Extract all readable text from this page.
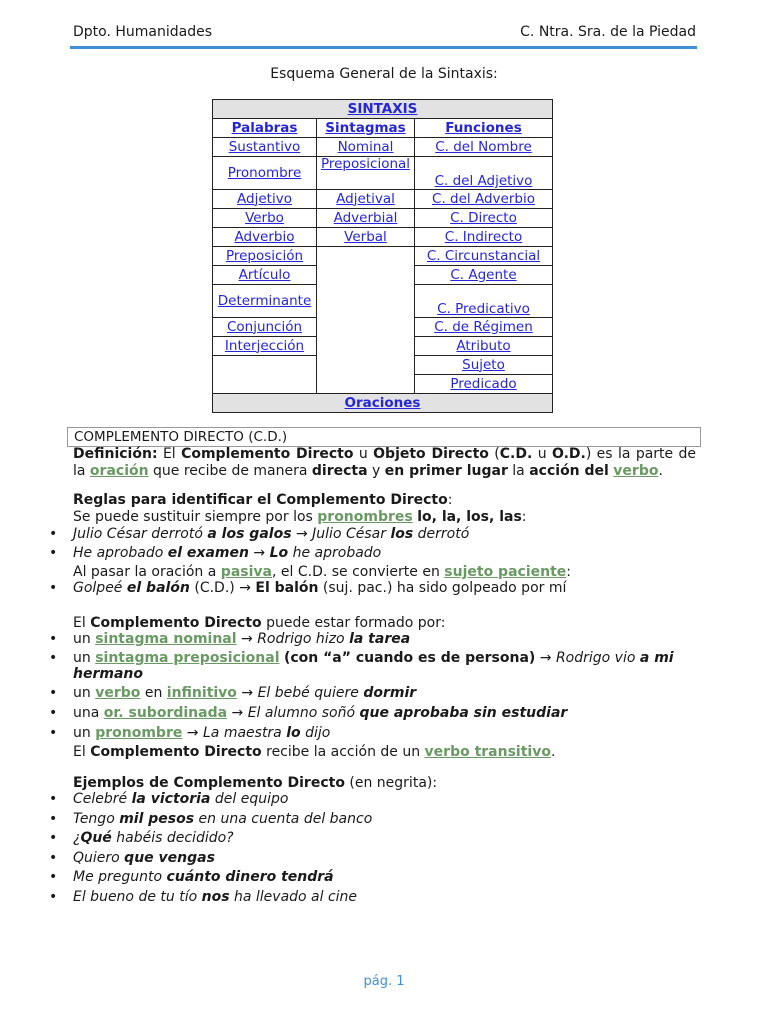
Dpto. Humanidades	C. Ntra. Sra. de la Piedad
Esquema General de la Sintaxis:
SINTAXIS		
Palabras	Sintagmas	Funciones
Sustantivo	Nominal	C. del Nombre
Pronombre	Preposicional	C. del Adjetivo
Adjetivo	Adjetival	C. del Adverbio
Verbo	Adverbial	C. Directo
Adverbio	Verbal	C. Indirecto
Preposición		C. Circunstancial
Artículo		C. Agente

Determinante		C. Predicativo
Conjunción		C. de Régimen
Interjección		Atributo
		Sujeto
		Predicado
Oraciones		
COMPLEMENTO DIRECTO (C.D.)
Definición: El Complemento Directo u Objeto Directo (C.D. u O.D.) es la parte de la oración que recibe de manera directa y en primer lugar la acción del verbo.
Reglas para identificar el Complemento Directo:
Se puede sustituir siempre por los pronombres lo, la, los, las:
• Julio César derrotó a los galos → Julio César los derrotó
• He aprobado el examen → Lo he aprobado
Al pasar la oración a pasiva, el C.D. se convierte en sujeto paciente:
• Golpeé el balón (C.D.) → El balón (suj. pac.) ha sido golpeado por mí
El Complemento Directo puede estar formado por:
• un sintagma nominal → Rodrigo hizo la tarea
• un sintagma preposicional (con “a” cuando es de persona) → Rodrigo vio a mi
hermano
• un verbo en infinitivo → El bebé quiere dormir
• una or. subordinada → El alumno soñó que aprobaba sin estudiar
• un pronombre → La maestra lo dijo
El Complemento Directo recibe la acción de un verbo transitivo.
Ejemplos de Complemento Directo (en negrita):
• Celebré la victoria del equipo
• Tengo mil pesos en una cuenta del banco
• ¿Qué habéis decidido?
• Quiero que vengas
• Me pregunto cuánto dinero tendrá
• El bueno de tu tío nos ha llevado al cine
pág. 1
